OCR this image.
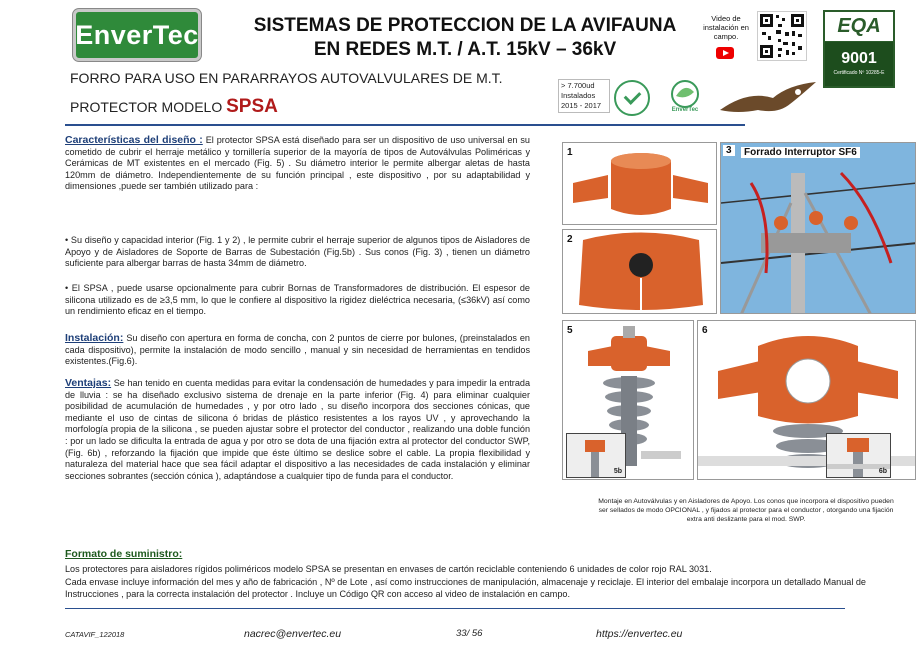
EnverTec	SISTEMAS DE PROTECCION DE LA AVIFAUNA
EN REDES M.T. / A.T. 15kV – 36kV
Video de instalación en campo.	EQA
9001
Certificado Nº 10285-E
FORRO PARA USO EN PARARRAYOS AUTOVALVULARES DE M.T.
PROTECTOR MODELO SPSA
> 7.700ud
Instalados
2015 - 2017	EnverTec
Características del diseño : El protector SPSA está diseñado para ser un dispositivo de uso universal en su cometido de cubrir el herraje metálico y tornillería superior de la mayoría de tipos de Autoválvulas Poliméricas y Cerámicas de MT existentes en el mercado (Fig. 5) . Su diámetro interior le permite albergar aletas de hasta 120mm de diámetro. Independientemente de su función principal , este dispositivo , por su adaptabilidad y dimensiones ,puede ser también utilizado para :
• Su diseño y capacidad interior (Fig. 1 y 2) , le permite cubrir el herraje superior de algunos tipos de Aisladores de Apoyo y de Aisladores de Soporte de Barras de Subestación (Fig.5b) . Sus conos (Fig. 3) , tienen un diámetro suficiente para albergar barras de hasta 34mm de diámetro.
• El SPSA , puede usarse opcionalmente para cubrir Bornas de Transformadores de distribución. El espesor de silicona utilizado es de ≥3,5 mm, lo que le confiere al dispositivo la rigidez dieléctrica necesaria, (≤36kV) así como un rendimiento eficaz en el tiempo.
Instalación: Su diseño con apertura en forma de concha, con 2 puntos de cierre por bulones, (preinstalados en cada dispositivo), permite la instalación de modo sencillo , manual y sin necesidad de herramientas en tendidos existentes.(Fig.6).
Ventajas: Se han tenido en cuenta medidas para evitar la condensación de humedades y para impedir la entrada de lluvia : se ha diseñado exclusivo sistema de drenaje en la parte inferior (Fig. 4) para eliminar cualquier posibilidad de acumulación de humedades , y por otro lado , su diseño incorpora dos secciones cónicas, que mediante el uso de cintas de silicona ó bridas de plástico resistentes a los rayos UV , y aprovechando la morfología propia de la silicona , se pueden ajustar sobre el protector del conductor , realizando una doble función : por un lado se dificulta la entrada de agua y por otro se dota de una fijación extra al protector del conductor SWP, (Fig. 6b) , reforzando la fijación que impide que éste último se deslice sobre el cable. La propia flexibilidad y naturaleza del material hace que sea fácil adaptar el dispositivo a las necesidades de cada instalación y eliminar secciones sobrantes (sección cónica ), adaptándose a cualquier tipo de funda para el conductor.
1
2
3	Forrado Interruptor SF6
5	6
5b	6b
Montaje en Autoválvulas y en Aisladores de Apoyo. Los conos que incorpora el dispositivo pueden ser sellados de modo OPCIONAL , y fijados al protector para el conductor , otorgando una fijación extra anti deslizante para el mod. SWP.
Formato de suministro:
Los protectores para aisladores rígidos poliméricos modelo SPSA se presentan en envases de cartón reciclable conteniendo 6 unidades de color rojo RAL 3031.
Cada envase incluye información del mes y año de fabricación , Nº de Lote , así como instrucciones de manipulación, almacenaje y reciclaje. El interior del embalaje incorpora un detallado Manual de Instrucciones , para la correcta instalación del protector . Incluye un Código QR con acceso al video de instalación en campo.
CATAVIF_122018	nacrec@envertec.eu	33/ 56	https://envertec.eu
